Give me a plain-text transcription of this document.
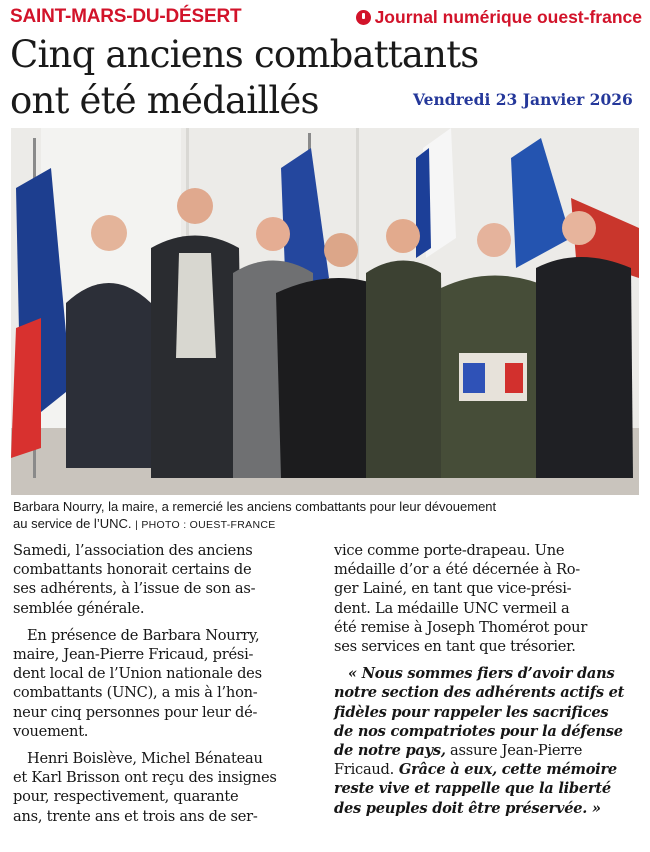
SAINT-MARS-DU-DÉSERT	Journal numérique ouest-france
Cinq anciens combattants
ont été médaillés	Vendredi 23 Janvier 2026
Barbara Nourry, la maire, a remercié les anciens combattants pour leur dévouement
au service de l’UNC. | PHOTO : OUEST-FRANCE

Samedi, l’association des anciens
combattants honorait certains de
ses adhérents, à l’issue de son as-
semblée générale.

En présence de Barbara Nourry,
maire, Jean-Pierre Fricaud, prési-
dent local de l’Union nationale des
combattants (UNC), a mis à l’hon-
neur cinq personnes pour leur dé-
vouement.

Henri Boislève, Michel Bénateau
et Karl Brisson ont reçu des insignes
pour, respectivement, quarante
ans, trente ans et trois ans de ser-

vice comme porte-drapeau. Une
médaille d’or a été décernée à Ro-
ger Lainé, en tant que vice-prési-
dent. La médaille UNC vermeil a
été remise à Joseph Thomérot pour
ses services en tant que trésorier.

« Nous sommes fiers d’avoir dans
notre section des adhérents actifs et
fidèles pour rappeler les sacrifices
de nos compatriotes pour la défense
de notre pays, assure Jean-Pierre
Fricaud. Grâce à eux, cette mémoire
reste vive et rappelle que la liberté
des peuples doit être préservée. »
